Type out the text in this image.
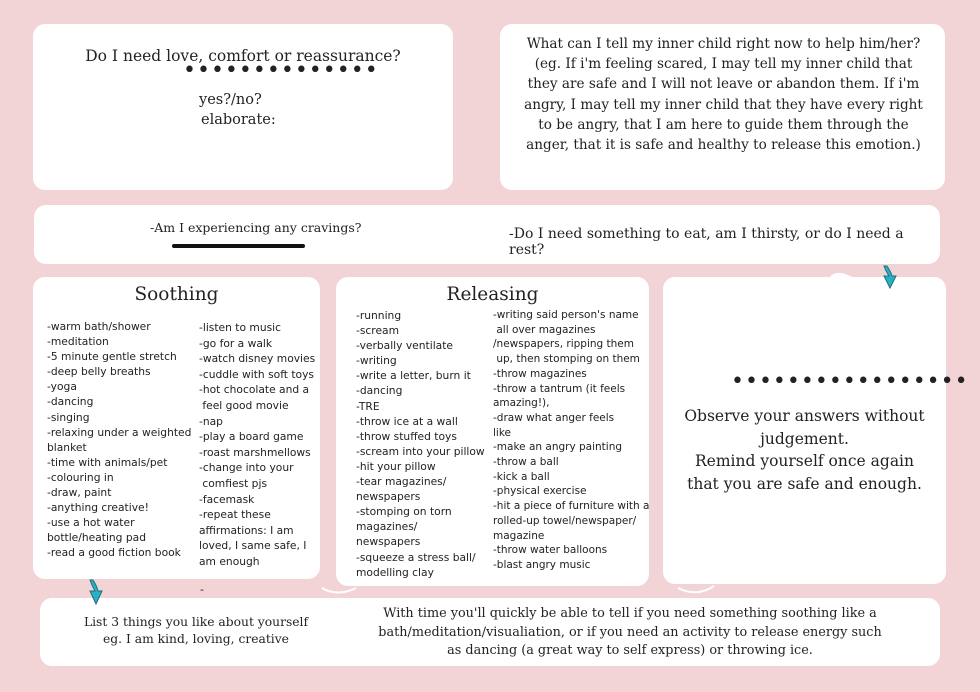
Do I need love, comfort or reassurance?
••••••••••••••
yes?/no?
elaborate:
What can I tell my inner child right now to help him/her? (eg. If i'm feeling scared, I may tell my inner child that they are safe and I will not leave or abandon them. If i'm angry, I may tell my inner child that they have every right to be angry, that I am here to guide them through the anger, that it is safe and healthy to release this emotion.)
-Am I experiencing any cravings?	-Do I need something to eat, am I thirsty, or do I need a rest?
Soothing
-warm bath/shower
-meditation
-5 minute gentle stretch
-deep belly breaths
-yoga
-dancing
-singing
-relaxing under a weighted
blanket
-time with animals/pet
-colouring in
-draw, paint
-anything creative!
-use a hot water
bottle/heating pad
-read a good fiction book
-listen to music
-go for a walk
-watch disney movies
-cuddle with soft toys
-hot chocolate and a
feel good movie
-nap
-play a board game
-roast marshmellows
-change into your
comfiest pjs
-facemask
-repeat these
affirmations: I am
loved, I same safe, I
am enough
Releasing
-running
-scream
-verbally ventilate
-writing
-write a letter, burn it
-dancing
-TRE
-throw ice at a wall
-throw stuffed toys
-scream into your pillow
-hit your pillow
-tear magazines/
newspapers
-stomping on torn
magazines/
newspapers
-squeeze a stress ball/
modelling clay
-writing said person's name
all over magazines
/newspapers, ripping them
up, then stomping on them
-throw magazines
-throw a tantrum (it feels
amazing!),
-draw what anger feels
like
-make an angry painting
-throw a ball
-kick a ball
-physical exercise
-hit a piece of furniture with a
rolled-up towel/newspaper/
magazine
-throw water balloons
-blast angry music
•••••••••••••••••
Observe your answers without
judgement.
Remind yourself once again
that you are safe and enough.
List 3 things you like about yourself
eg. I am kind, loving, creative
With time you'll quickly be able to tell if you need something soothing like a bath/meditation/visualiation, or if you need an activity to release energy such as dancing (a great way to self express) or throwing ice.
-
